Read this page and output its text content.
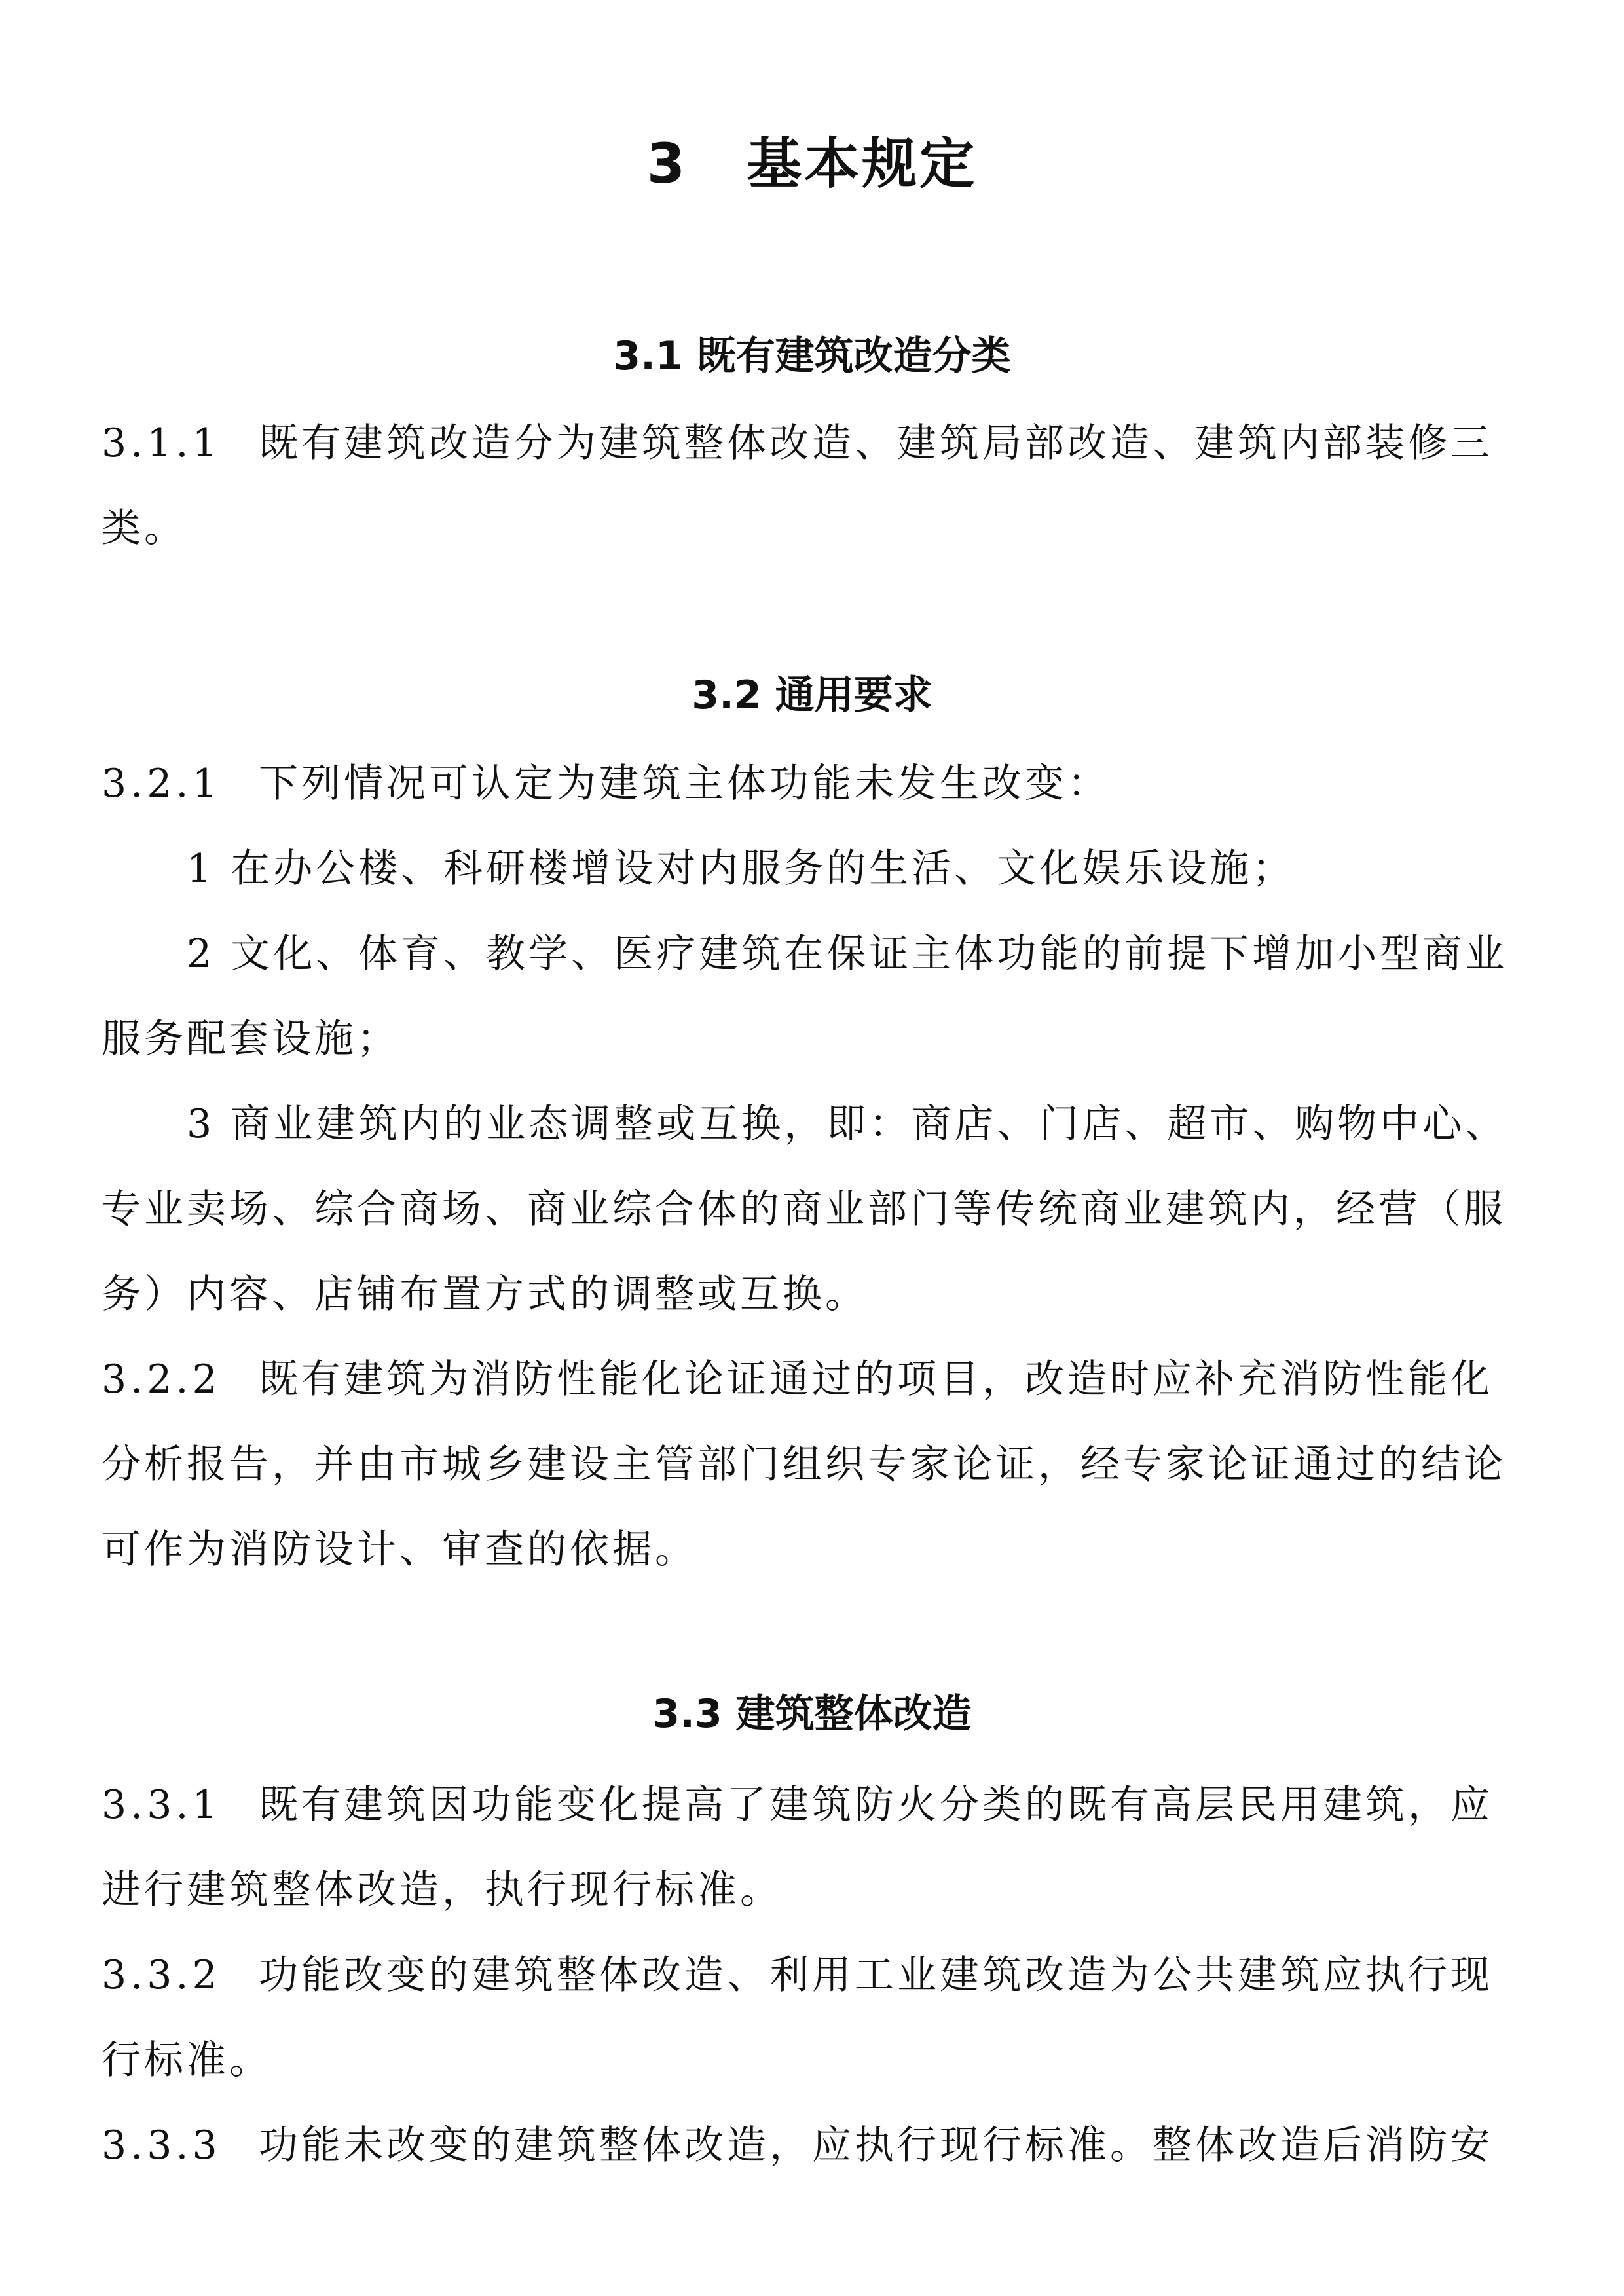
3 基本规定
3.1 既有建筑改造分类
3.1.1 既有建筑改造分为建筑整体改造、建筑局部改造、建筑内部装修三类。
3.2 通用要求
3.2.1 下列情况可认定为建筑主体功能未发生改变：
1 在办公楼、科研楼增设对内服务的生活、文化娱乐设施；
2 文化、体育、教学、医疗建筑在保证主体功能的前提下增加小型商业服务配套设施；
3 商业建筑内的业态调整或互换，即：商店、门店、超市、购物中心、专业卖场、综合商场、商业综合体的商业部门等传统商业建筑内，经营（服务）内容、店铺布置方式的调整或互换。
3.2.2 既有建筑为消防性能化论证通过的项目，改造时应补充消防性能化分析报告，并由市城乡建设主管部门组织专家论证，经专家论证通过的结论可作为消防设计、审查的依据。
3.3 建筑整体改造
3.3.1 既有建筑因功能变化提高了建筑防火分类的既有高层民用建筑，应进行建筑整体改造，执行现行标准。
3.3.2 功能改变的建筑整体改造、利用工业建筑改造为公共建筑应执行现行标准。
3.3.3 功能未改变的建筑整体改造，应执行现行标准。整体改造后消防安
